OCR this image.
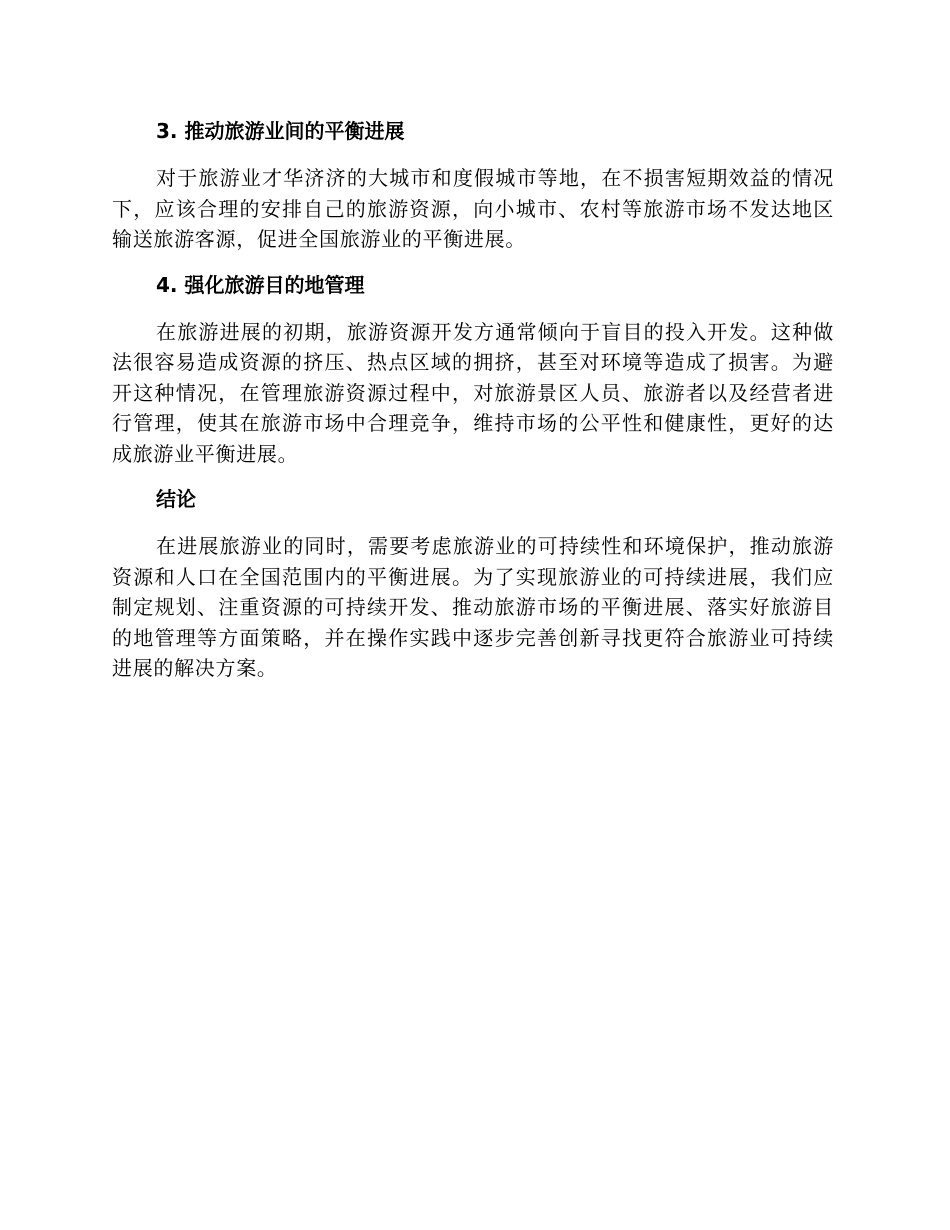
3. 推动旅游业间的平衡进展

对于旅游业才华济济的大城市和度假城市等地，在不损害短期效益的情况下，应该合理的安排自己的旅游资源，向小城市、农村等旅游市场不发达地区输送旅游客源，促进全国旅游业的平衡进展。

4. 强化旅游目的地管理

在旅游进展的初期，旅游资源开发方通常倾向于盲目的投入开发。这种做法很容易造成资源的挤压、热点区域的拥挤，甚至对环境等造成了损害。为避开这种情况，在管理旅游资源过程中，对旅游景区人员、旅游者以及经营者进行管理，使其在旅游市场中合理竞争，维持市场的公平性和健康性，更好的达成旅游业平衡进展。

结论

在进展旅游业的同时，需要考虑旅游业的可持续性和环境保护，推动旅游资源和人口在全国范围内的平衡进展。为了实现旅游业的可持续进展，我们应制定规划、注重资源的可持续开发、推动旅游市场的平衡进展、落实好旅游目的地管理等方面策略，并在操作实践中逐步完善创新寻找更符合旅游业可持续进展的解决方案。
